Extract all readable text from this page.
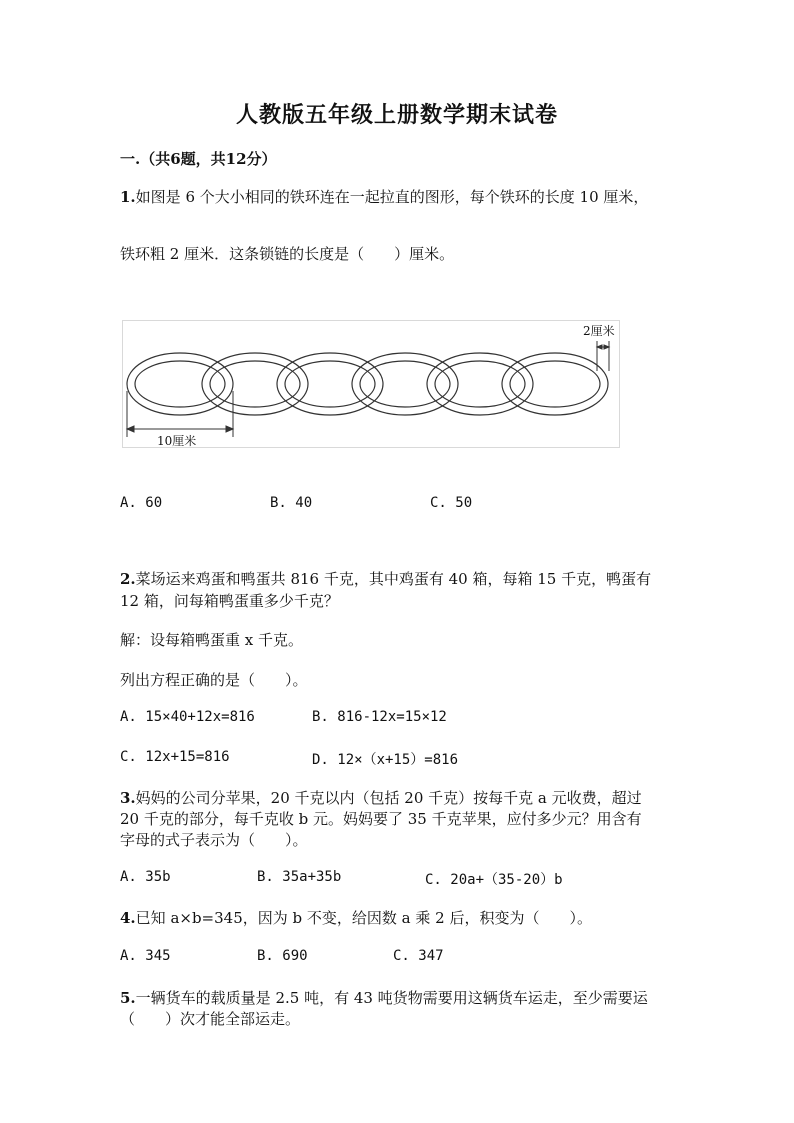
人教版五年级上册数学期末试卷
一.（共6题，共12分）
1.如图是 6 个大小相同的铁环连在一起拉直的图形，每个铁环的长度 10 厘米，
铁环粗 2 厘米．这条锁链的长度是（　　）厘米。
10厘米
2厘米
A. 60	B. 40	C. 50
2.菜场运来鸡蛋和鸭蛋共 816 千克，其中鸡蛋有 40 箱，每箱 15 千克，鸭蛋有
12 箱，问每箱鸭蛋重多少千克？
解：设每箱鸭蛋重 x 千克。
列出方程正确的是（　　）。
A. 15×40+12x=816	B. 816-12x=15×12
C. 12x+15=816	D. 12×（x+15）=816
3.妈妈的公司分苹果，20 千克以内（包括 20 千克）按每千克 a 元收费，超过
20 千克的部分，每千克收 b 元。妈妈要了 35 千克苹果，应付多少元？用含有
字母的式子表示为（　　）。
A. 35b	B. 35a+35b	C. 20a+（35-20）b
4.已知 a×b=345，因为 b 不变，给因数 a 乘 2 后，积变为（　　）。
A. 345	B. 690	C. 347
5.一辆货车的载质量是 2.5 吨，有 43 吨货物需要用这辆货车运走，至少需要运
（　　）次才能全部运走。
